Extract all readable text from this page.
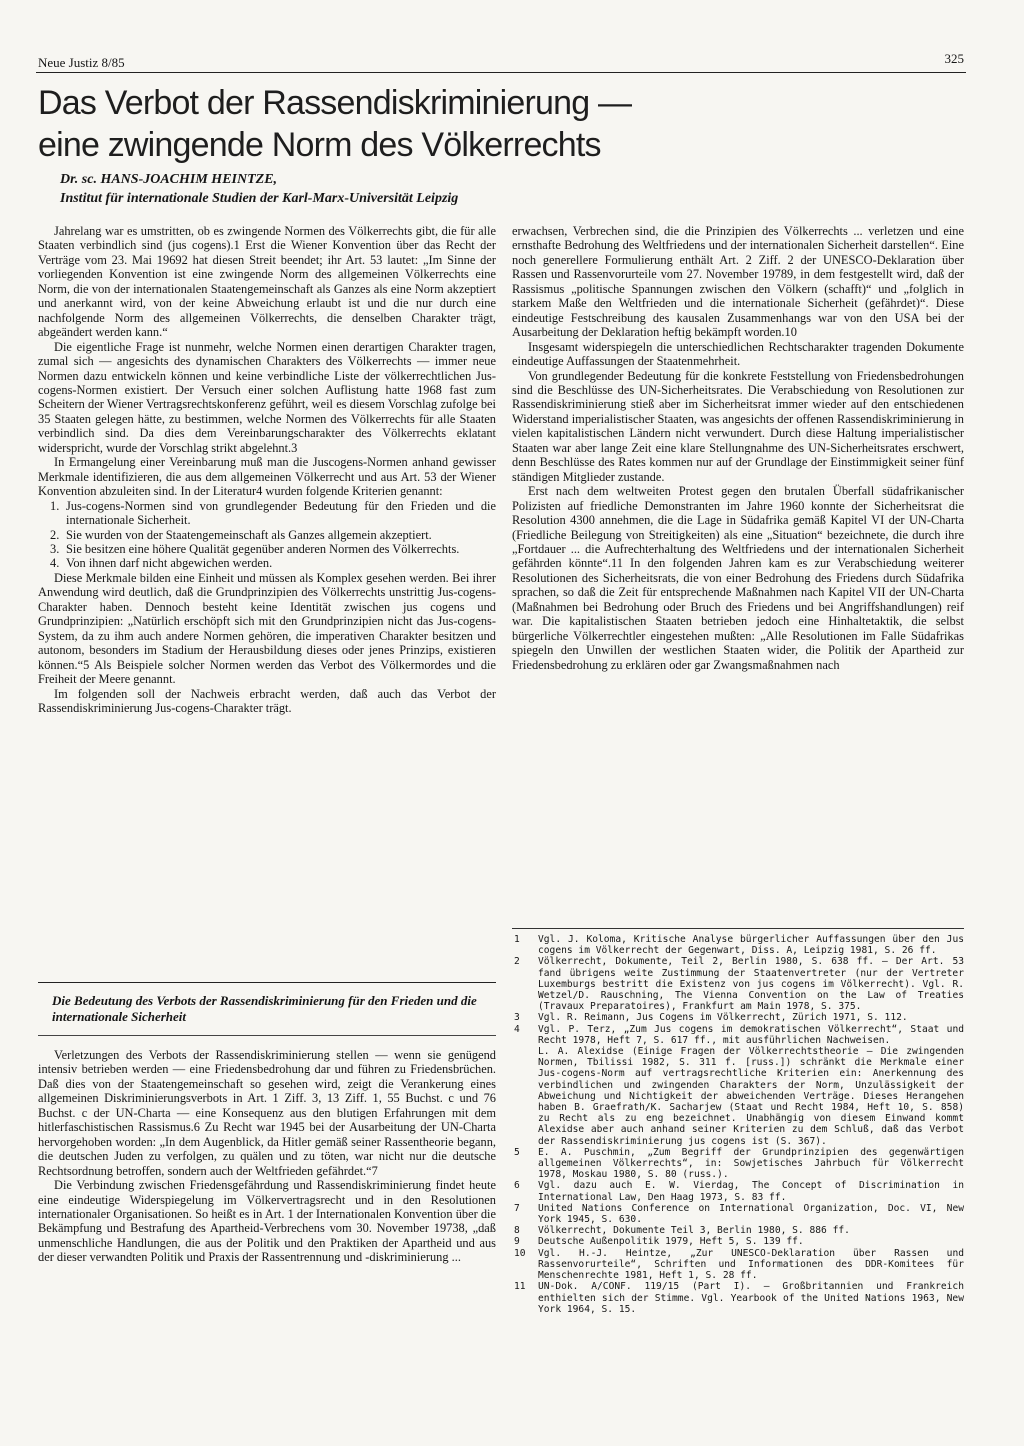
Neue Justiz 8/85	325
Das Verbot der Rassendiskriminierung —
eine zwingende Norm des Völkerrechts
Dr. sc. HANS-JOACHIM HEINTZE,
Institut für internationale Studien der Karl-Marx-Universität Leipzig

Jahrelang war es umstritten, ob es zwingende Normen des Völkerrechts gibt, die für alle Staaten verbindlich sind (jus cogens).1 Erst die Wiener Konvention über das Recht der Verträge vom 23. Mai 19692 hat diesen Streit beendet; ihr Art. 53 lautet: „Im Sinne der vorliegenden Konvention ist eine zwingende Norm des allgemeinen Völkerrechts eine Norm, die von der internationalen Staatengemeinschaft als Ganzes als eine Norm akzeptiert und anerkannt wird, von der keine Abweichung erlaubt ist und die nur durch eine nachfolgende Norm des allgemeinen Völkerrechts, die denselben Charakter trägt, abgeändert werden kann.“

Die eigentliche Frage ist nunmehr, welche Normen einen derartigen Charakter tragen, zumal sich — angesichts des dynamischen Charakters des Völkerrechts — immer neue Normen dazu entwickeln können und keine verbindliche Liste der völkerrechtlichen Jus-cogens-Normen existiert. Der Versuch einer solchen Auflistung hatte 1968 fast zum Scheitern der Wiener Vertragsrechtskonferenz geführt, weil es diesem Vorschlag zufolge bei 35 Staaten gelegen hätte, zu bestimmen, welche Normen des Völkerrechts für alle Staaten verbindlich sind. Da dies dem Vereinbarungscharakter des Völkerrechts eklatant widerspricht, wurde der Vorschlag strikt abgelehnt.3

In Ermangelung einer Vereinbarung muß man die Juscogens-Normen anhand gewisser Merkmale identifizieren, die aus dem allgemeinen Völkerrecht und aus Art. 53 der Wiener Konvention abzuleiten sind. In der Literatur4 wurden folgende Kriterien genannt:

1. Jus-cogens-Normen sind von grundlegender Bedeutung für den Frieden und die internationale Sicherheit.

2. Sie wurden von der Staatengemeinschaft als Ganzes allgemein akzeptiert.

3. Sie besitzen eine höhere Qualität gegenüber anderen Normen des Völkerrechts.

4. Von ihnen darf nicht abgewichen werden.

Diese Merkmale bilden eine Einheit und müssen als Komplex gesehen werden. Bei ihrer Anwendung wird deutlich, daß die Grundprinzipien des Völkerrechts unstrittig Jus-cogens-Charakter haben. Dennoch besteht keine Identität zwischen jus cogens und Grundprinzipien: „Natürlich erschöpft sich mit den Grundprinzipien nicht das Jus-cogens-System, da zu ihm auch andere Normen gehören, die imperativen Charakter besitzen und autonom, besonders im Stadium der Herausbildung dieses oder jenes Prinzips, existieren können.“5 Als Beispiele solcher Normen werden das Verbot des Völkermordes und die Freiheit der Meere genannt.

Im folgenden soll der Nachweis erbracht werden, daß auch das Verbot der Rassendiskriminierung Jus-cogens-Charakter trägt.

Die Bedeutung des Verbots der Rassendiskriminierung für den Frieden und die internationale Sicherheit

Verletzungen des Verbots der Rassendiskriminierung stellen — wenn sie genügend intensiv betrieben werden — eine Friedensbedrohung dar und führen zu Friedensbrüchen. Daß dies von der Staatengemeinschaft so gesehen wird, zeigt die Verankerung eines allgemeinen Diskriminierungsverbots in Art. 1 Ziff. 3, 13 Ziff. 1, 55 Buchst. c und 76 Buchst. c der UN-Charta — eine Konsequenz aus den blutigen Erfahrungen mit dem hitlerfaschistischen Rassismus.6 Zu Recht war 1945 bei der Ausarbeitung der UN-Charta hervorgehoben worden: „In dem Augenblick, da Hitler gemäß seiner Rassentheorie begann, die deutschen Juden zu verfolgen, zu quälen und zu töten, war nicht nur die deutsche Rechtsordnung betroffen, sondern auch der Weltfrieden gefährdet.“7

Die Verbindung zwischen Friedensgefährdung und Rassendiskriminierung findet heute eine eindeutige Widerspiegelung im Völkervertragsrecht und in den Resolutionen internationaler Organisationen. So heißt es in Art. 1 der Internationalen Konvention über die Bekämpfung und Bestrafung des Apartheid-Verbrechens vom 30. November 19738, „daß unmenschliche Handlungen, die aus der Politik und den Praktiken der Apartheid und aus der dieser verwandten Politik und Praxis der Rassentrennung und -diskriminierung ...

erwachsen, Verbrechen sind, die die Prinzipien des Völkerrechts ... verletzen und eine ernsthafte Bedrohung des Weltfriedens und der internationalen Sicherheit darstellen“. Eine noch generellere Formulierung enthält Art. 2 Ziff. 2 der UNESCO-Deklaration über Rassen und Rassenvorurteile vom 27. November 19789, in dem festgestellt wird, daß der Rassismus „politische Spannungen zwischen den Völkern (schafft)“ und „folglich in starkem Maße den Weltfrieden und die internationale Sicherheit (gefährdet)“. Diese eindeutige Festschreibung des kausalen Zusammenhangs war von den USA bei der Ausarbeitung der Deklaration heftig bekämpft worden.10

Insgesamt widerspiegeln die unterschiedlichen Rechtscharakter tragenden Dokumente eindeutige Auffassungen der Staatenmehrheit.

Von grundlegender Bedeutung für die konkrete Feststellung von Friedensbedrohungen sind die Beschlüsse des UN-Sicherheitsrates. Die Verabschiedung von Resolutionen zur Rassendiskriminierung stieß aber im Sicherheitsrat immer wieder auf den entschiedenen Widerstand imperialistischer Staaten, was angesichts der offenen Rassendiskriminierung in vielen kapitalistischen Ländern nicht verwundert. Durch diese Haltung imperialistischer Staaten war aber lange Zeit eine klare Stellungnahme des UN-Sicherheitsrates erschwert, denn Beschlüsse des Rates kommen nur auf der Grundlage der Einstimmigkeit seiner fünf ständigen Mitglieder zustande.

Erst nach dem weltweiten Protest gegen den brutalen Überfall südafrikanischer Polizisten auf friedliche Demonstranten im Jahre 1960 konnte der Sicherheitsrat die Resolution 4300 annehmen, die die Lage in Südafrika gemäß Kapitel VI der UN-Charta (Friedliche Beilegung von Streitigkeiten) als eine „Situation“ bezeichnete, die durch ihre „Fortdauer ... die Aufrechterhaltung des Weltfriedens und der internationalen Sicherheit gefährden könnte“.11 In den folgenden Jahren kam es zur Verabschiedung weiterer Resolutionen des Sicherheitsrats, die von einer Bedrohung des Friedens durch Südafrika sprachen, so daß die Zeit für entsprechende Maßnahmen nach Kapitel VII der UN-Charta (Maßnahmen bei Bedrohung oder Bruch des Friedens und bei Angriffshandlungen) reif war. Die kapitalistischen Staaten betrieben jedoch eine Hinhaltetaktik, die selbst bürgerliche Völkerrechtler eingestehen mußten: „Alle Resolutionen im Falle Südafrikas spiegeln den Unwillen der westlichen Staaten wider, die Politik der Apartheid zur Friedensbedrohung zu erklären oder gar Zwangsmaßnahmen nach

1 Vgl. J. Koloma, Kritische Analyse bürgerlicher Auffassungen über den Jus cogens im Völkerrecht der Gegenwart, Diss. A, Leipzig 1981, S. 26 ff.
2 Völkerrecht, Dokumente, Teil 2, Berlin 1980, S. 638 ff. — Der Art. 53 fand übrigens weite Zustimmung der Staatenvertreter (nur der Vertreter Luxemburgs bestritt die Existenz von jus cogens im Völkerrecht). Vgl. R. Wetzel/D. Rauschning, The Vienna Convention on the Law of Treaties (Travaux Preparatoires), Frankfurt am Main 1978, S. 375.
3 Vgl. R. Reimann, Jus Cogens im Völkerrecht, Zürich 1971, S. 112.
4 Vgl. P. Terz, „Zum Jus cogens im demokratischen Völkerrecht“, Staat und Recht 1978, Heft 7, S. 617 ff., mit ausführlichen Nachweisen.
L. A. Alexidse (Einige Fragen der Völkerrechtstheorie — Die zwingenden Normen, Tbilissi 1982, S. 311 f. [russ.]) schränkt die Merkmale einer Jus-cogens-Norm auf vertragsrechtliche Kriterien ein: Anerkennung des verbindlichen und zwingenden Charakters der Norm, Unzulässigkeit der Abweichung und Nichtigkeit der abweichenden Verträge. Dieses Herangehen haben B. Graefrath/K. Sacharjew (Staat und Recht 1984, Heft 10, S. 858) zu Recht als zu eng bezeichnet. Unabhängig von diesem Einwand kommt Alexidse aber auch anhand seiner Kriterien zu dem Schluß, daß das Verbot der Rassendiskriminierung jus cogens ist (S. 367).
5 E. A. Puschmin, „Zum Begriff der Grundprinzipien des gegenwärtigen allgemeinen Völkerrechts“, in: Sowjetisches Jahrbuch für Völkerrecht 1978, Moskau 1980, S. 80 (russ.).
6 Vgl. dazu auch E. W. Vierdag, The Concept of Discrimination in International Law, Den Haag 1973, S. 83 ff.
7 United Nations Conference on International Organization, Doc. VI, New York 1945, S. 630.
8 Völkerrecht, Dokumente Teil 3, Berlin 1980, S. 886 ff.
9 Deutsche Außenpolitik 1979, Heft 5, S. 139 ff.
10 Vgl. H.-J. Heintze, „Zur UNESCO-Deklaration über Rassen und Rassenvorurteile“, Schriften und Informationen des DDR-Komitees für Menschenrechte 1981, Heft 1, S. 28 ff.
11 UN-Dok. A/CONF. 119/15 (Part I). — Großbritannien und Frankreich enthielten sich der Stimme. Vgl. Yearbook of the United Nations 1963, New York 1964, S. 15.
